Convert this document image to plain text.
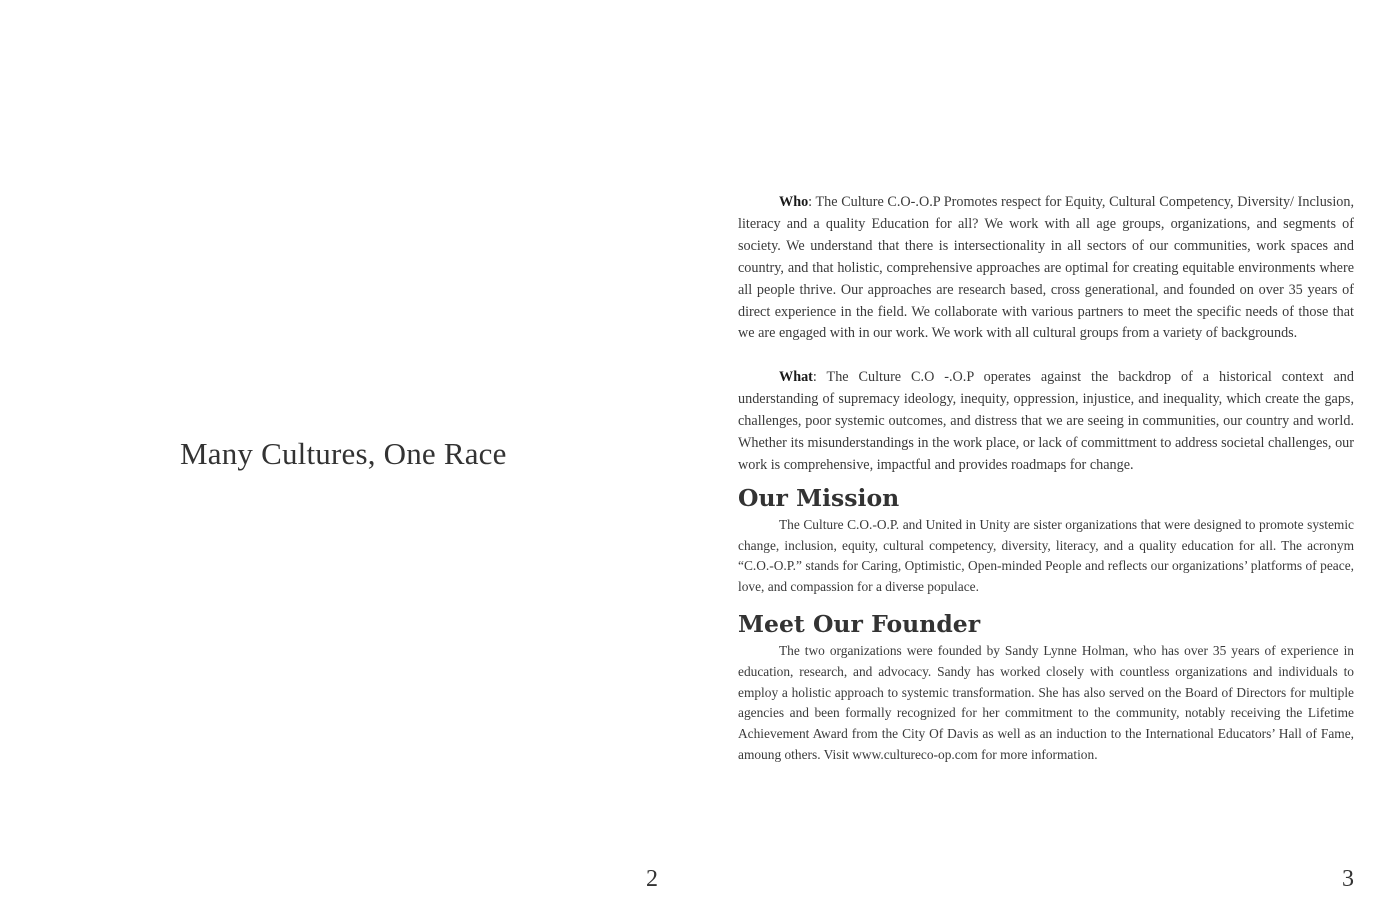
Many Cultures, One Race
2

Who: The Culture C.O-.O.P Promotes respect for Equity, Cultural Competency, Diversity/ Inclusion, literacy and a quality Education for all? We work with all age groups, organizations, and segments of society. We understand that there is intersectionality in all sectors of our communities, work spaces and country, and that holistic, comprehensive approaches are optimal for creating equitable environments where all people thrive. Our approaches are research based, cross generational, and founded on over 35 years of direct experience in the field. We collaborate with various partners to meet the specific needs of those that we are engaged with in our work. We work with all cultural groups from a variety of backgrounds.

What: The Culture C.O -.O.P operates against the backdrop of a historical context and understanding of supremacy ideology, inequity, oppression, injustice, and inequality, which create the gaps, challenges, poor systemic outcomes, and distress that we are seeing in communities, our country and world. Whether its misunderstandings in the work place, or lack of committment to address societal challenges, our work is comprehensive, impactful and provides roadmaps for change.

Our Mission

The Culture C.O.-O.P. and United in Unity are sister organizations that were designed to promote systemic change, inclusion, equity, cultural competency, diversity, literacy, and a quality education for all. The acronym “C.O.-O.P.” stands for Caring, Optimistic, Open-minded People and reflects our organizations’ platforms of peace, love, and compassion for a diverse populace.

Meet Our Founder

The two organizations were founded by Sandy Lynne Holman, who has over 35 years of experience in education, research, and advocacy. Sandy has worked closely with countless organizations and individuals to employ a holistic approach to systemic transformation. She has also served on the Board of Directors for multiple agencies and been formally recognized for her commitment to the community, notably receiving the Lifetime Achievement Award from the City Of Davis as well as an induction to the International Educators’ Hall of Fame, amoung others. Visit www.cultureco-op.com for more information.

3
